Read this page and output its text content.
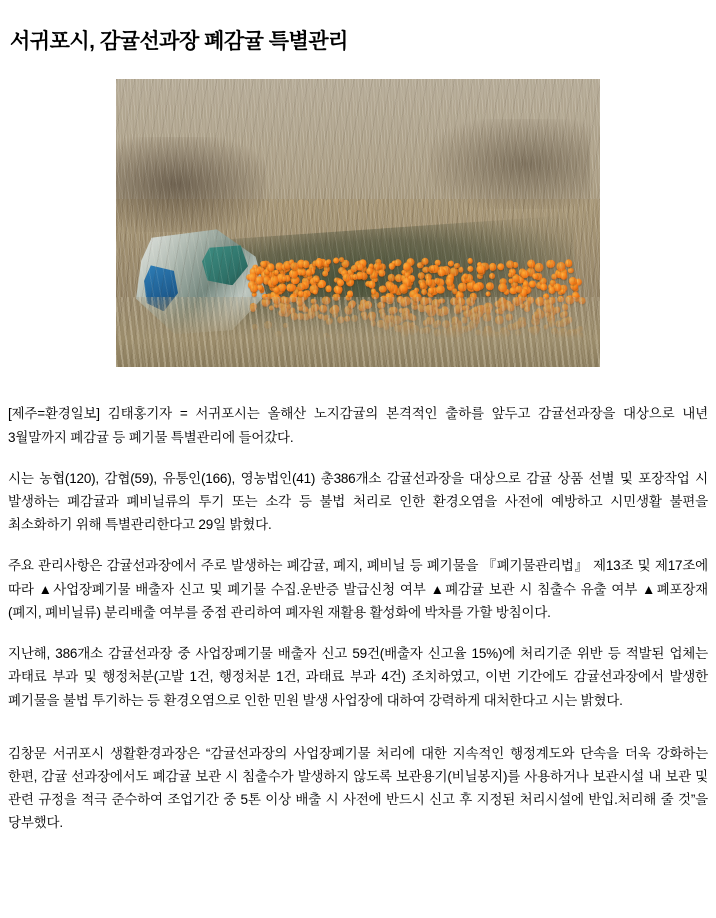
서귀포시, 감귤선과장 폐감귤 특별관리

[제주=환경일보] 김태홍기자 = 서귀포시는 올해산 노지감귤의 본격적인 출하를 앞두고 감귤선과장을 대상으로 내년 3월말까지 폐감귤 등 폐기물 특별관리에 들어갔다.

시는 농협(120), 감협(59), 유통인(166), 영농법인(41) 총386개소 감귤선과장을 대상으로 감귤 상품 선별 및 포장작업 시 발생하는 폐감귤과 폐비닐류의 투기 또는 소각 등 불법 처리로 인한 환경오염을 사전에 예방하고 시민생활 불편을 최소화하기 위해 특별관리한다고 29일 밝혔다.

주요 관리사항은 감귤선과장에서 주로 발생하는 폐감귤, 폐지, 폐비닐 등 폐기물을 『폐기물관리법』 제13조 및 제17조에 따라 ▲사업장폐기물 배출자 신고 및 폐기물 수집.운반증 발급신청 여부 ▲폐감귤 보관 시 침출수 유출 여부 ▲폐포장재(폐지, 폐비닐류) 분리배출 여부를 중점 관리하여 폐자원 재활용 활성화에 박차를 가할 방침이다.

지난해, 386개소 감귤선과장 중 사업장폐기물 배출자 신고 59건(배출자 신고율 15%)에 처리기준 위반 등 적발된 업체는 과태료 부과 및 행정처분(고발 1건, 행정처분 1건, 과태료 부과 4건) 조치하였고, 이번 기간에도 감귤선과장에서 발생한 폐기물을 불법 투기하는 등 환경오염으로 인한 민원 발생 사업장에 대하여 강력하게 대처한다고 시는 밝혔다.

김창문 서귀포시 생활환경과장은 “감귤선과장의 사업장폐기물 처리에 대한 지속적인 행정계도와 단속을 더욱 강화하는 한편, 감귤 선과장에서도 폐감귤 보관 시 침출수가 발생하지 않도록 보관용기(비닐봉지)를 사용하거나 보관시설 내 보관 및 관련 규정을 적극 준수하여 조업기간 중 5톤 이상 배출 시 사전에 반드시 신고 후 지정된 처리시설에 반입.처리해 줄 것”을 당부했다.
